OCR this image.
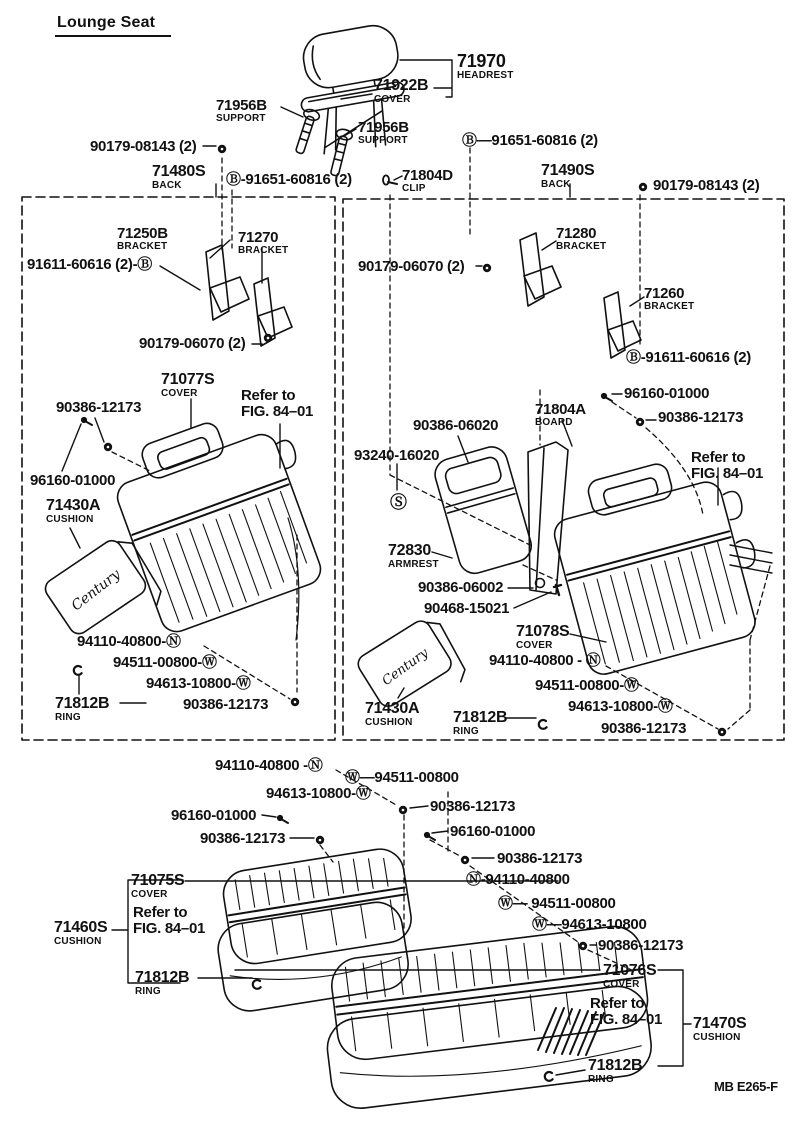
Century
Century
Lounge Seat
71970
HEADREST
71922B
COVER
71956B
SUPPORT
71956B
SUPPORT
90179-08143 (2)
71480S
BACK	Ⓑ-91651-60816 (2)	71804D
CLIP
Ⓑ—91651-60816 (2)
71490S
BACK	90179-08143 (2)
71250B
BRACKET
71270
BRACKET
91611-60616 (2)-Ⓑ
90179-06070 (2)
71077S
COVER	Refer to
FIG. 84–01
90386-12173
96160-01000
71430A
CUSHION
94110-40800-Ⓝ
94511-00800-Ⓦ
94613-10800-Ⓦ
90386-12173
71812B
RING
71280
BRACKET
90179-06070 (2)
71260
BRACKET
Ⓑ-91611-60616 (2)
96160-01000
90386-12173
90386-06020
71804A
BOARD
93240-16020
Ⓢ
Refer to
FIG. 84–01
72830
ARMREST
90386-06002
90468-15021
71078S
COVER
94110-40800 - Ⓝ
94511-00800-Ⓦ
94613-10800-Ⓦ
90386-12173
71430A
CUSHION	71812B
RING
94110-40800 -Ⓝ
Ⓦ—94511-00800
94613-10800-Ⓦ
90386-12173
96160-01000
90386-12173	96160-01000
90386-12173
Ⓝ-94110-40800
Ⓦ— 94511-00800
Ⓦ—94613-10800
90386-12173
71075S
COVER
Refer to
FIG. 84–01
71460S
CUSHION
71812B
RING
71076S
COVER
Refer to
FIG. 84–01 71470S
CUSHION
71812B
RING	MB E265-F
